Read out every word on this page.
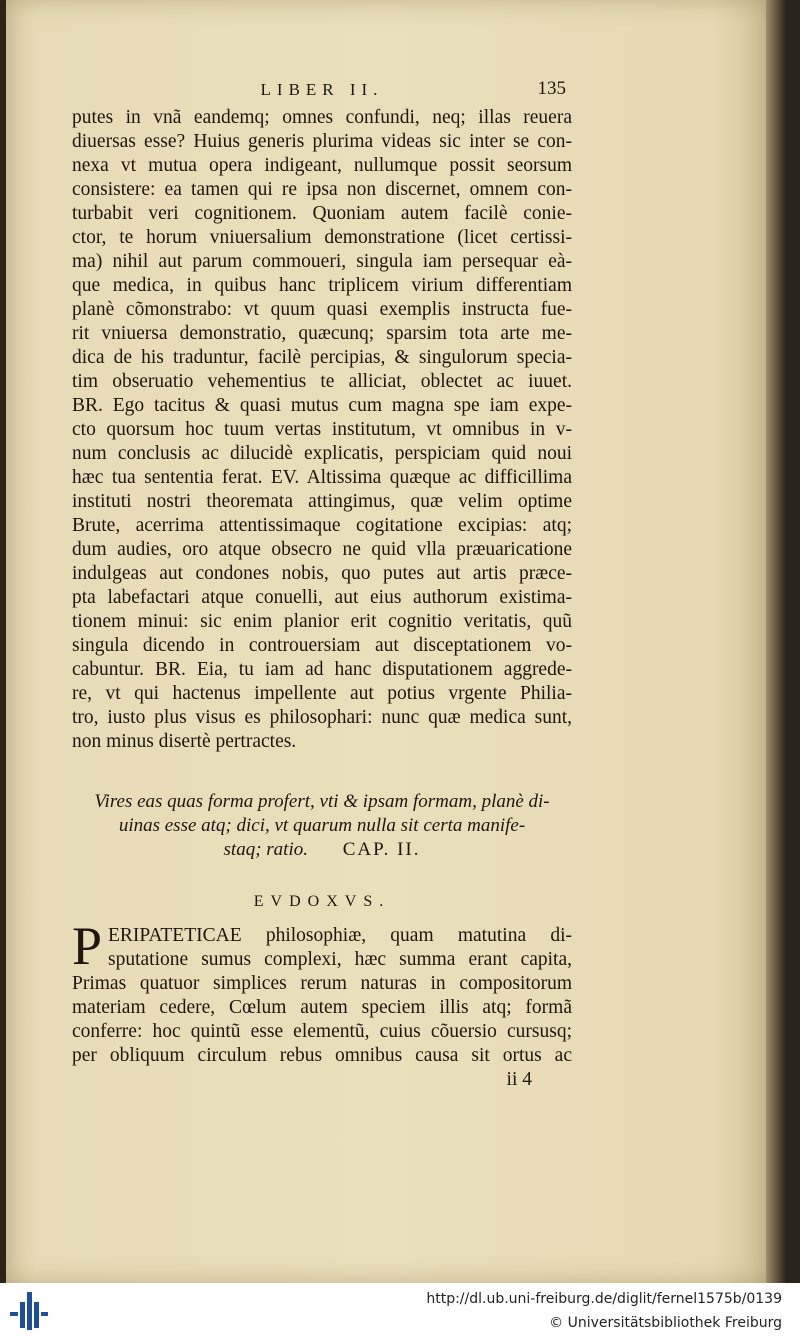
LIBER II.	135
putes in vnã eandemq; omnes confundi, neq; illas reuera
diuersas esse? Huius generis plurima videas sic inter se con-
nexa vt mutua opera indigeant, nullumque possit seorsum
consistere: ea tamen qui re ipsa non discernet, omnem con-
turbabit veri cognitionem. Quoniam autem facilè conie-
ctor, te horum vniuersalium demonstratione (licet certissi-
ma) nihil aut parum commoueri, singula iam persequar eà-
que medica, in quibus hanc triplicem virium differentiam
planè cõmonstrabo: vt quum quasi exemplis instructa fue-
rit vniuersa demonstratio, quæcunq; sparsim tota arte me-
dica de his traduntur, facilè percipias, & singulorum specia-
tim obseruatio vehementius te alliciat, oblectet ac iuuet.
BR. Ego tacitus & quasi mutus cum magna spe iam expe-
cto quorsum hoc tuum vertas institutum, vt omnibus in v-
num conclusis ac dilucidè explicatis, perspiciam quid noui
hæc tua sententia ferat. EV. Altissima quæque ac difficillima
instituti nostri theoremata attingimus, quæ velim optime
Brute, acerrima attentissimaque cogitatione excipias: atq;
dum audies, oro atque obsecro ne quid vlla præuaricatione
indulgeas aut condones nobis, quo putes aut artis præce-
pta labefactari atque conuelli, aut eius authorum existima-
tionem minui: sic enim planior erit cognitio veritatis, quũ
singula dicendo in controuersiam aut disceptationem vo-
cabuntur. BR. Eia, tu iam ad hanc disputationem aggrede-
re, vt qui hactenus impellente aut potius vrgente Philia-
tro, iusto plus visus es philosophari: nunc quæ medica sunt,
non minus disertè pertractes.
Vires eas quas forma profert, vti & ipsam formam, planè di-
uinas esse atq; dici, vt quarum nulla sit certa manife-
staq; ratio. CAP. II.
EVDOXVS.
P ERIPATETICAE philosophiæ, quam matutina di-
sputatione sumus complexi, hæc summa erant capita,
Primas quatuor simplices rerum naturas in compositorum
materiam cedere, Cœlum autem speciem illis atq; formã
conferre: hoc quintũ esse elementũ, cuius cõuersio cursusq;
per obliquum circulum rebus omnibus causa sit ortus ac
ii 4
http://dl.ub.uni-freiburg.de/diglit/fernel1575b/0139
© Universitätsbibliothek Freiburg
